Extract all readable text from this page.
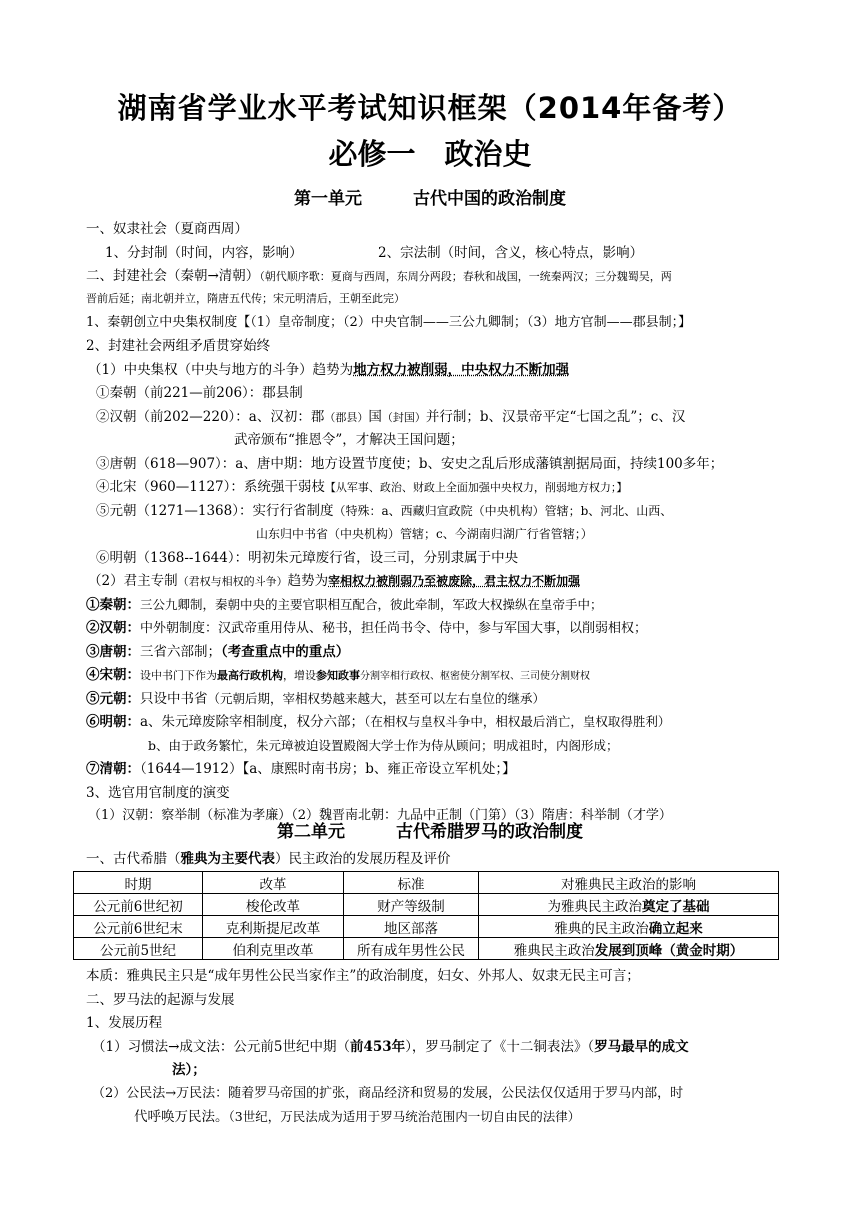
湖南省学业水平考试知识框架（2014年备考）
必修一　政治史
第一单元　　　古代中国的政治制度
一、奴隶社会（夏商西周）
1、分封制（时间，内容，影响）	2、宗法制（时间，含义，核心特点，影响）
二、封建社会（秦朝→清朝）（朝代顺序歌：夏商与西周，东周分两段；春秋和战国，一统秦两汉；三分魏蜀吴，两
晋前后延；南北朝并立，隋唐五代传；宋元明清后，王朝至此完）
1、秦朝创立中央集权制度【（1）皇帝制度；（2）中央官制——三公九卿制；（3）地方官制——郡县制；】
2、封建社会两组矛盾贯穿始终
（1）中央集权（中央与地方的斗争）趋势为地方权力被削弱，中央权力不断加强
①秦朝（前221—前206）：郡县制
②汉朝（前202—220）：a、汉初：郡（郡县）国（封国）并行制；b、汉景帝平定“七国之乱”；c、汉
武帝颁布“推恩令”，才解决王国问题；
③唐朝（618—907）：a、唐中期：地方设置节度使；b、安史之乱后形成藩镇割据局面，持续100多年；
④北宋（960—1127）：系统强干弱枝【从军事、政治、财政上全面加强中央权力，削弱地方权力；】
⑤元朝（1271—1368）：实行行省制度（特殊：a、西藏归宣政院（中央机构）管辖；b、河北、山西、
山东归中书省（中央机构）管辖；c、今湖南归湖广行省管辖；）
⑥明朝（1368--1644）：明初朱元璋废行省，设三司，分别隶属于中央
（2）君主专制（君权与相权的斗争）趋势为宰相权力被削弱乃至被废除，君主权力不断加强
①秦朝：三公九卿制，秦朝中央的主要官职相互配合，彼此牵制，军政大权操纵在皇帝手中；
②汉朝：中外朝制度：汉武帝重用侍从、秘书，担任尚书令、侍中，参与军国大事，以削弱相权；
③唐朝：三省六部制；（考查重点中的重点）
④宋朝：设中书门下作为最高行政机构，增设参知政事分割宰相行政权、枢密使分割军权、三司使分割财权
⑤元朝：只设中书省（元朝后期，宰相权势越来越大，甚至可以左右皇位的继承）
⑥明朝：a、朱元璋废除宰相制度，权分六部；（在相权与皇权斗争中，相权最后消亡，皇权取得胜利）
b、由于政务繁忙，朱元璋被迫设置殿阁大学士作为侍从顾问；明成祖时，内阁形成；
⑦清朝：（1644—1912）【a、康熙时南书房；b、雍正帝设立军机处；】
3、选官用官制度的演变
（1）汉朝：察举制（标准为孝廉）（2）魏晋南北朝：九品中正制（门第）（3）隋唐：科举制（才学）
第二单元　　　古代希腊罗马的政治制度
一、古代希腊（雅典为主要代表）民主政治的发展历程及评价
时期	改革	标准	对雅典民主政治的影响
公元前6世纪初	梭伦改革	财产等级制	为雅典民主政治奠定了基础
公元前6世纪末	克利斯提尼改革	地区部落	雅典的民主政治确立起来
公元前5世纪	伯利克里改革	所有成年男性公民	雅典民主政治发展到顶峰（黄金时期）
本质：雅典民主只是“成年男性公民当家作主”的政治制度，妇女、外邦人、奴隶无民主可言；
二、罗马法的起源与发展
1、发展历程
（1）习惯法→成文法：公元前5世纪中期（前453年），罗马制定了《十二铜表法》（罗马最早的成文
法）；
（2）公民法→万民法：随着罗马帝国的扩张，商品经济和贸易的发展，公民法仅仅适用于罗马内部，时
代呼唤万民法。（3世纪，万民法成为适用于罗马统治范围内一切自由民的法律）
